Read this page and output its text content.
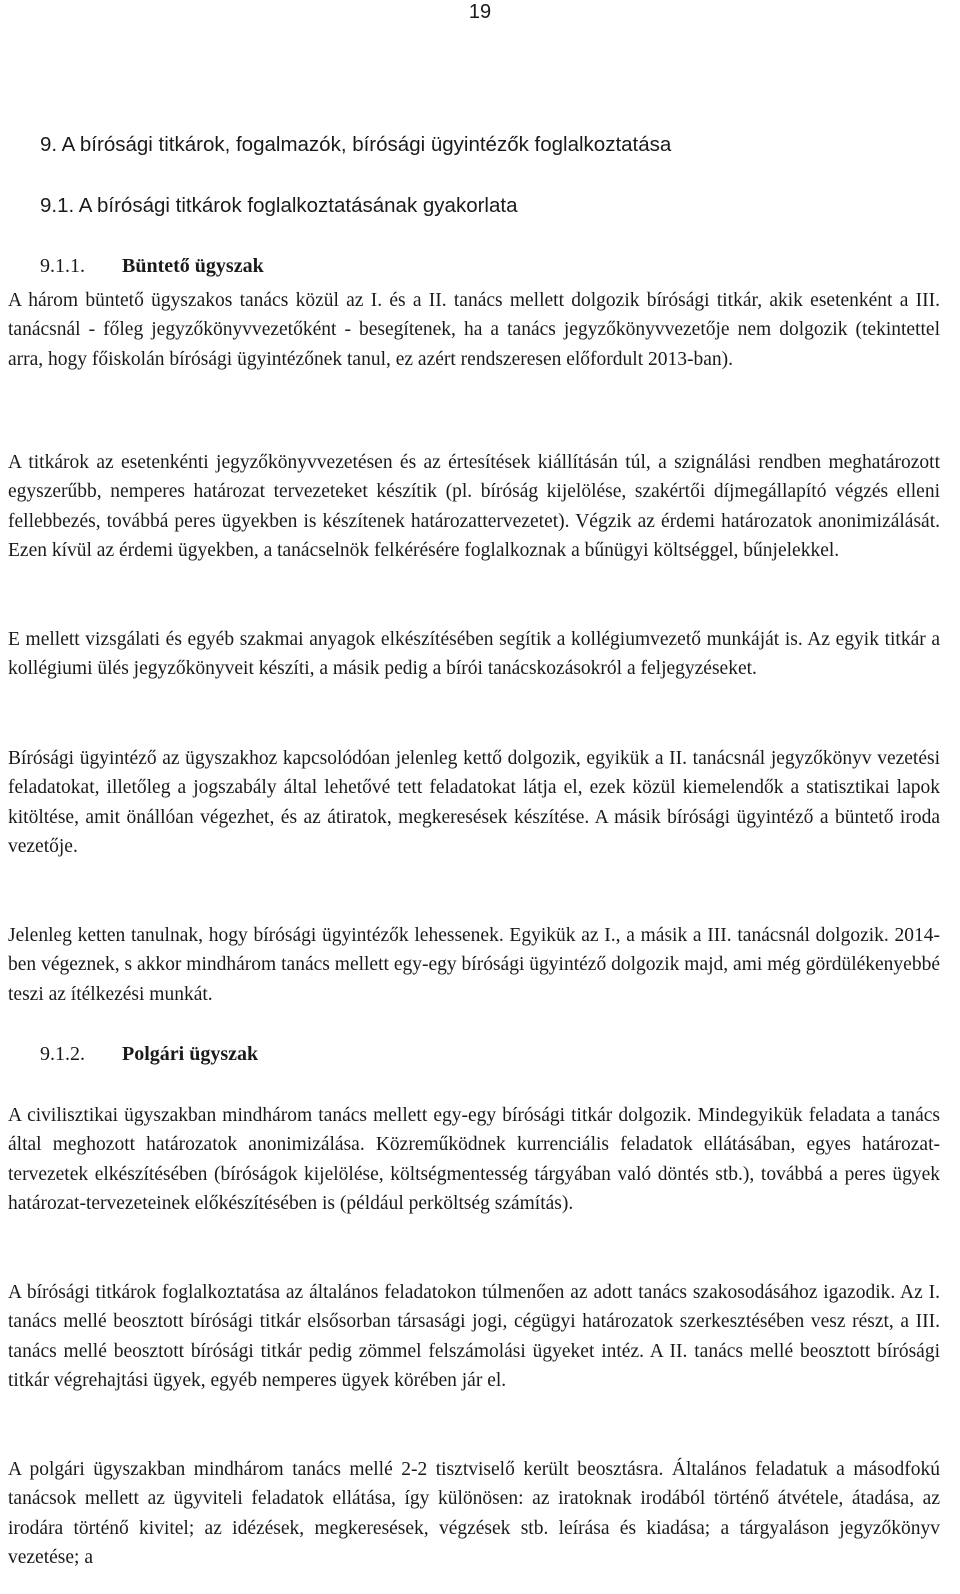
19
9. A bírósági titkárok, fogalmazók, bírósági ügyintézők foglalkoztatása
9.1. A bírósági titkárok foglalkoztatásának gyakorlata
9.1.1. Büntető ügyszak
A három büntető ügyszakos tanács közül az I. és a II. tanács mellett dolgozik bírósági titkár, akik esetenként a III. tanácsnál - főleg jegyzőkönyvvezetőként - besegítenek, ha a tanács jegyzőkönyvvezetője nem dolgozik (tekintettel arra, hogy főiskolán bírósági ügyintézőnek tanul, ez azért rendszeresen előfordult 2013-ban).
A titkárok az esetenkénti jegyzőkönyvvezetésen és az értesítések kiállításán túl, a szignálási rendben meghatározott egyszerűbb, nemperes határozat tervezeteket készítik (pl. bíróság kijelölése, szakértői díjmegállapító végzés elleni fellebbezés, továbbá peres ügyekben is készítenek határozattervezetet). Végzik az érdemi határozatok anonimizálását. Ezen kívül az érdemi ügyekben, a tanácselnök felkérésére foglalkoznak a bűnügyi költséggel, bűnjelekkel.
E mellett vizsgálati és egyéb szakmai anyagok elkészítésében segítik a kollégiumvezető munkáját is. Az egyik titkár a kollégiumi ülés jegyzőkönyveit készíti, a másik pedig a bírói tanácskozásokról a feljegyzéseket.
Bírósági ügyintéző az ügyszakhoz kapcsolódóan jelenleg kettő dolgozik, egyikük a II. tanácsnál jegyzőkönyv vezetési feladatokat, illetőleg a jogszabály által lehetővé tett feladatokat látja el, ezek közül kiemelendők a statisztikai lapok kitöltése, amit önállóan végezhet, és az átiratok, megkeresések készítése. A másik bírósági ügyintéző a büntető iroda vezetője.
Jelenleg ketten tanulnak, hogy bírósági ügyintézők lehessenek. Egyikük az I., a másik a III. tanácsnál dolgozik. 2014-ben végeznek, s akkor mindhárom tanács mellett egy-egy bírósági ügyintéző dolgozik majd, ami még gördülékenyebbé teszi az ítélkezési munkát.
9.1.2. Polgári ügyszak
A civilisztikai ügyszakban mindhárom tanács mellett egy-egy bírósági titkár dolgozik. Mindegyikük feladata a tanács által meghozott határozatok anonimizálása. Közreműködnek kurrenciális feladatok ellátásában, egyes határozat-tervezetek elkészítésében (bíróságok kijelölése, költségmentesség tárgyában való döntés stb.), továbbá a peres ügyek határozat-tervezeteinek előkészítésében is (például perköltség számítás).
A bírósági titkárok foglalkoztatása az általános feladatokon túlmenően az adott tanács szakosodásához igazodik. Az I. tanács mellé beosztott bírósági titkár elsősorban társasági jogi, cégügyi határozatok szerkesztésében vesz részt, a III. tanács mellé beosztott bírósági titkár pedig zömmel felszámolási ügyeket intéz. A II. tanács mellé beosztott bírósági titkár végrehajtási ügyek, egyéb nemperes ügyek körében jár el.
A polgári ügyszakban mindhárom tanács mellé 2-2 tisztviselő került beosztásra. Általános feladatuk a másodfokú tanácsok mellett az ügyviteli feladatok ellátása, így különösen: az iratoknak irodából történő átvétele, átadása, az irodára történő kivitel; az idézések, megkeresések, végzések stb. leírása és kiadása; a tárgyaláson jegyzőkönyv vezetése; a
